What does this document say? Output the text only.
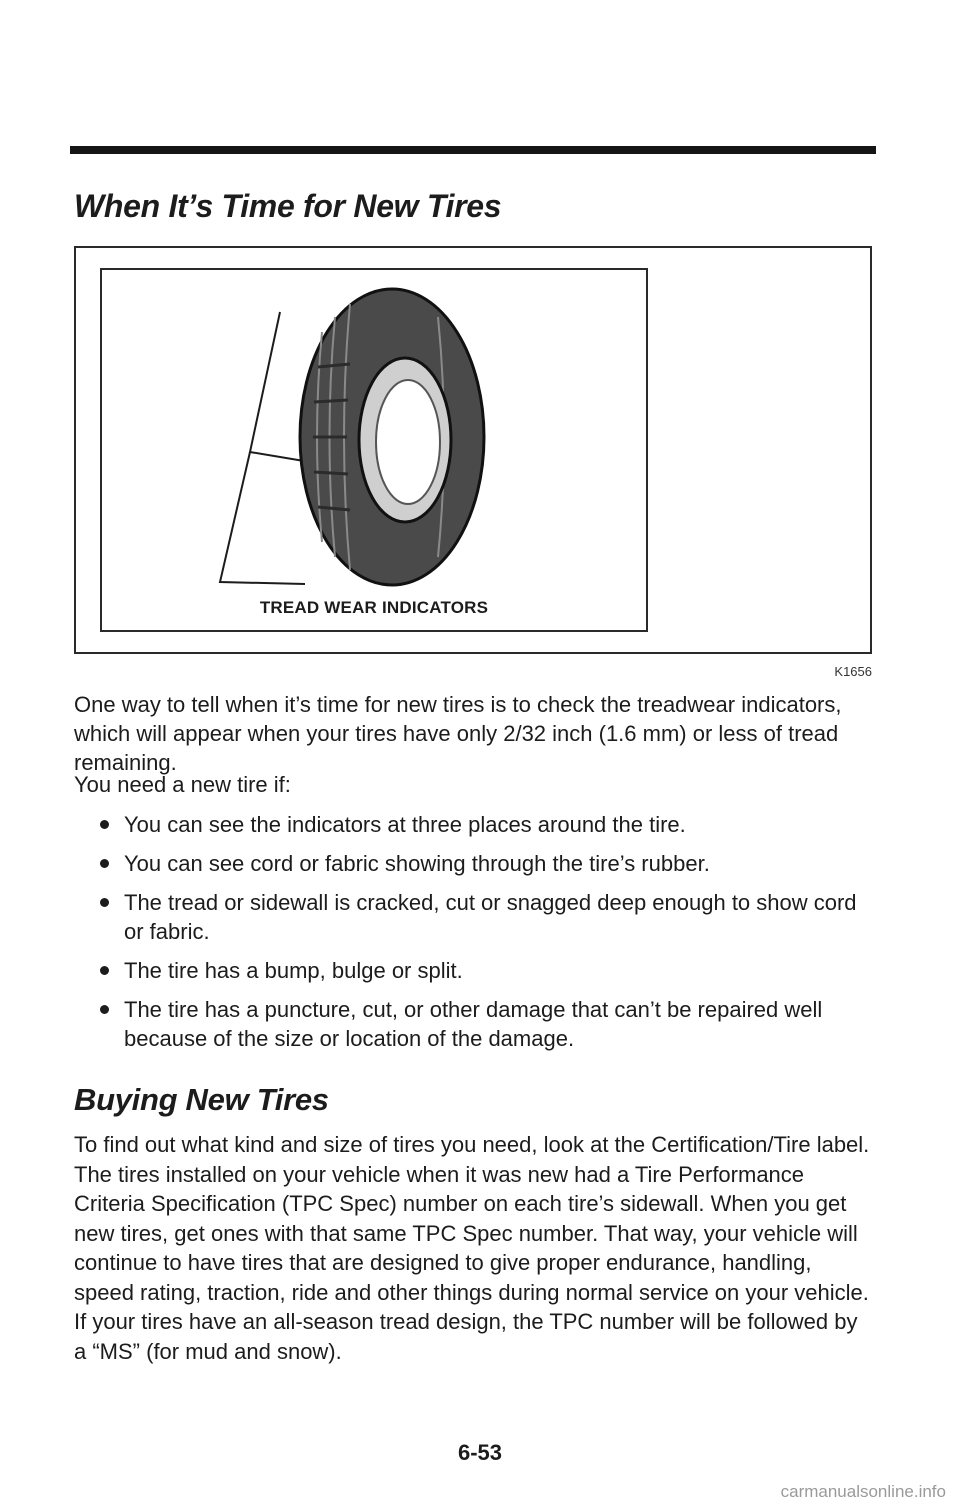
When It’s Time for New Tires
TREAD WEAR INDICATORS
K1656

One way to tell when it’s time for new tires is to check the treadwear indicators, which will appear when your tires have only 2/32 inch (1.6 mm) or less of tread remaining.

You need a new tire if:

You can see the indicators at three places around the tire.
You can see cord or fabric showing through the tire’s rubber.
The tread or sidewall is cracked, cut or snagged deep enough to show cord or fabric.
The tire has a bump, bulge or split.
The tire has a puncture, cut, or other damage that can’t be repaired well because of the size or location of the damage.
Buying New Tires

To find out what kind and size of tires you need, look at the Certification/Tire label. The tires installed on your vehicle when it was new had a Tire Performance Criteria Specification (TPC Spec) number on each tire’s sidewall. When you get new tires, get ones with that same TPC Spec number. That way, your vehicle will continue to have tires that are designed to give proper endurance, handling, speed rating, traction, ride and other things during normal service on your vehicle. If your tires have an all-season tread design, the TPC number will be followed by a “MS” (for mud and snow).

6-53
carmanualsonline.info
